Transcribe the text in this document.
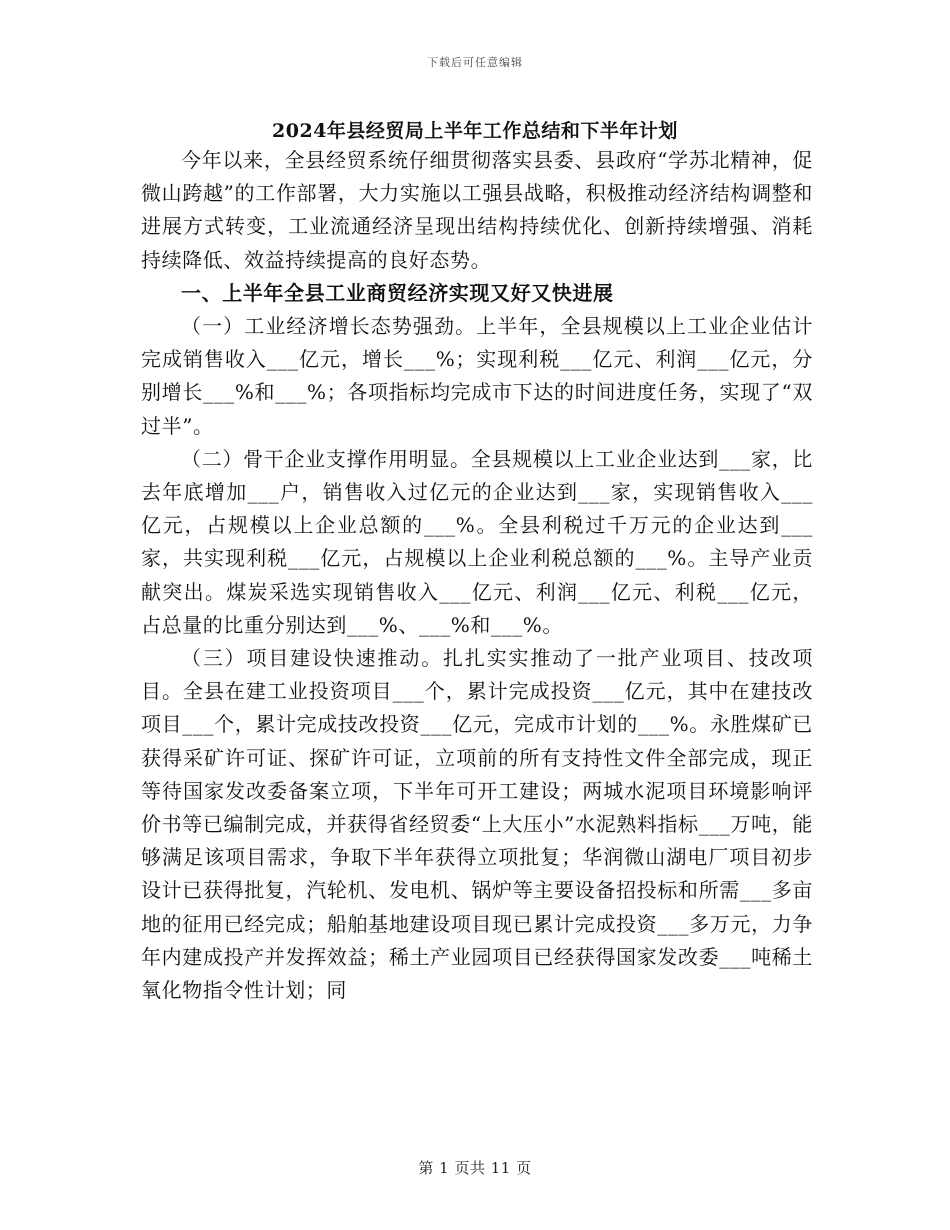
下载后可任意编辑
2024年县经贸局上半年工作总结和下半年计划

今年以来，全县经贸系统仔细贯彻落实县委、县政府“学苏北精神，促微山跨越”的工作部署，大力实施以工强县战略，积极推动经济结构调整和进展方式转变，工业流通经济呈现出结构持续优化、创新持续增强、消耗持续降低、效益持续提高的良好态势。

一、上半年全县工业商贸经济实现又好又快进展

（一）工业经济增长态势强劲。上半年，全县规模以上工业企业估计完成销售收入___亿元，增长___%；实现利税___亿元、利润___亿元，分别增长___%和___%；各项指标均完成市下达的时间进度任务，实现了“双过半”。

（二）骨干企业支撑作用明显。全县规模以上工业企业达到___家，比去年底增加___户，销售收入过亿元的企业达到___家，实现销售收入___亿元，占规模以上企业总额的___%。全县利税过千万元的企业达到___家，共实现利税___亿元，占规模以上企业利税总额的___%。主导产业贡献突出。煤炭采选实现销售收入___亿元、利润___亿元、利税___亿元，占总量的比重分别达到___%、___%和___%。

（三）项目建设快速推动。扎扎实实推动了一批产业项目、技改项目。全县在建工业投资项目___个，累计完成投资___亿元，其中在建技改项目___个，累计完成技改投资___亿元，完成市计划的___%。永胜煤矿已获得采矿许可证、探矿许可证，立项前的所有支持性文件全部完成，现正等待国家发改委备案立项，下半年可开工建设；两城水泥项目环境影响评价书等已编制完成，并获得省经贸委“上大压小”水泥熟料指标___万吨，能够满足该项目需求，争取下半年获得立项批复；华润微山湖电厂项目初步设计已获得批复，汽轮机、发电机、锅炉等主要设备招投标和所需___多亩地的征用已经完成；船舶基地建设项目现已累计完成投资___多万元，力争年内建成投产并发挥效益；稀土产业园项目已经获得国家发改委___吨稀土氧化物指令性计划；同

第 1 页共 11 页
